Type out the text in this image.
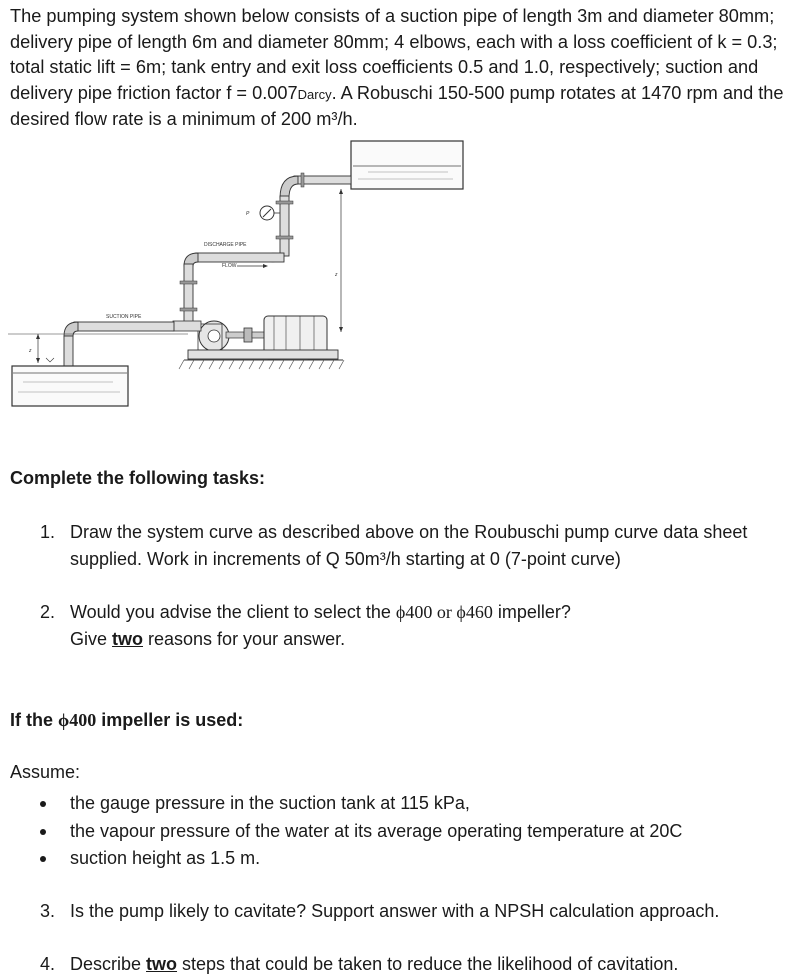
The pumping system shown below consists of a suction pipe of length 3m and diameter 80mm; delivery pipe of length 6m and diameter 80mm; 4 elbows, each with a loss coefficient of k = 0.3; total static lift = 6m; tank entry and exit loss coefficients 0.5 and 1.0, respectively; suction and delivery pipe friction factor f = 0.007Darcy. A Robuschi 150-500 pump rotates at 1470 rpm and the desired flow rate is a minimum of 200 m³/h.
P
DISCHARGE PIPE
FLOW
z
SUCTION PIPE
z
Complete the following tasks:
1. Draw the system curve as described above on the Roubuschi pump curve data sheet supplied. Work in increments of Q 50m³/h starting at 0 (7-point curve)
2. Would you advise the client to select the ϕ400 or ϕ460 impeller?
Give two reasons for your answer.
If the ϕ400 impeller is used:
Assume:
the gauge pressure in the suction tank at 115 kPa,
the vapour pressure of the water at its average operating temperature at 20C
suction height as 1.5 m.
3. Is the pump likely to cavitate? Support answer with a NPSH calculation approach.
4. Describe two steps that could be taken to reduce the likelihood of cavitation.
